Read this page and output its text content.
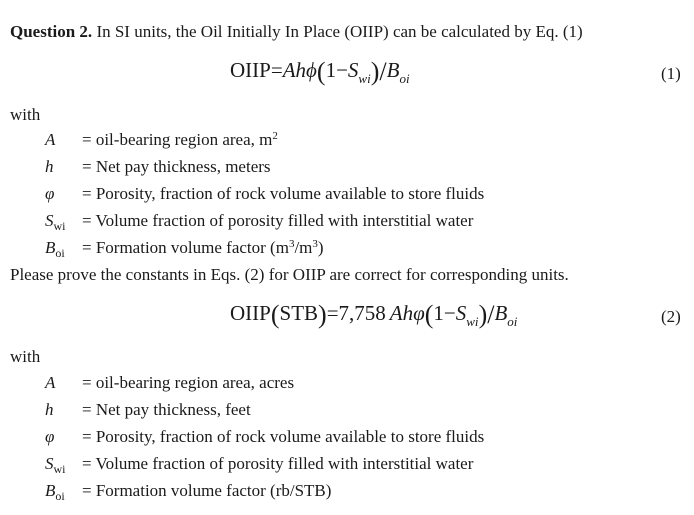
Question 2. In SI units, the Oil Initially In Place (OIIP) can be calculated by Eq. (1)
$OIIP=Ah\phi(1-S_{wi})/B_{oi}$	(1)
with
A = oil-bearing region area, $m^2$
h = Net pay thickness, meters
φ = Porosity, fraction of rock volume available to store fluids
$S_{wi}$ = Volume fraction of porosity filled with interstitial water
$B_{oi}$ = Formation volume factor $(m^3/m^3)$
Please prove the constants in Eqs. (2) for OIIP are correct for corresponding units.
OIIP(STB)=7,758 $Ah\varphi(1-S_{wi})/B_{oi}$	(2)
with
A = oil-bearing region area, acres
h = Net pay thickness, feet
φ = Porosity, fraction of rock volume available to store fluids
$S_{wi}$ = Volume fraction of porosity filled with interstitial water
$B_{oi}$ = Formation volume factor (rb/STB)
